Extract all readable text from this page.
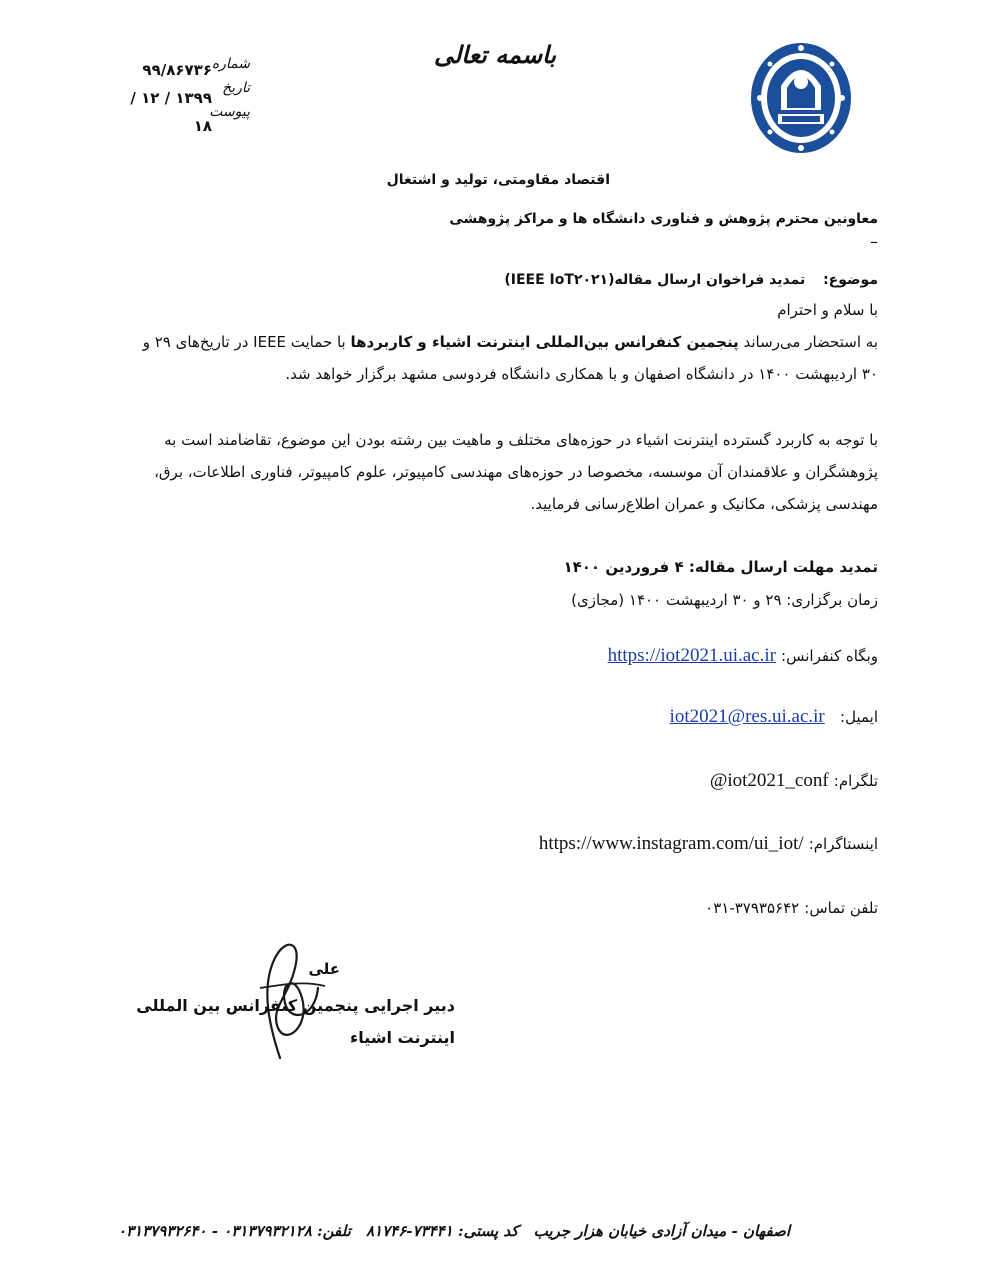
باسمه تعالی
شماره
تاریخ
پیوست
۹۹/۸۶۷۳۶
۱۳۹۹ / ۱۲ / ۱۸
اقتصاد مقاومتی، تولید و اشتغال
معاونین محترم پژوهش و فناوری دانشگاه ها و مراکز پژوهشی
–
موضوع:    تمدید فراخوان ارسال مقاله(IEEE IoT۲۰۲۱)
با سلام و احترام
به استحضار می‌رساند پنجمین کنفرانس بین‌المللی اینترنت اشیاء و کاربردها با حمایت IEEE در تاریخ‌های ۲۹ و ۳۰ اردیبهشت ۱۴۰۰ در دانشگاه اصفهان و با همکاری دانشگاه فردوسی مشهد برگزار خواهد شد.
با توجه به کاربرد گسترده اینترنت اشیاء در حوزه‌های مختلف و ماهیت بین رشته بودن این موضوع، تقاضامند است به پژوهشگران و علاقمندان آن موسسه، مخصوصا در حوزه‌های مهندسی کامپیوتر، علوم کامپیوتر، فناوری اطلاعات، برق، مهندسی پزشکی، مکانیک و عمران اطلاع‌رسانی فرمایید.
تمدید مهلت ارسال مقاله: ۴ فروردین ۱۴۰۰
زمان برگزاری: ۲۹ و ۳۰ اردیبهشت ۱۴۰۰ (مجازی)
وبگاه کنفرانس: https://iot2021.ui.ac.ir
ایمیل:   iot2021@res.ui.ac.ir
تلگرام: @iot2021_conf
اینستاگرام: https://www.instagram.com/ui_iot/
تلفن تماس: ۰۳۱-۳۷۹۳۵۶۴۲
علی
دبیر اجرایی پنجمین کنفرانس بین المللی اینترنت اشیاء
اصفهان - میدان آزادی خیابان هزار جریب کد پستی: ۷۳۴۴۱-۸۱۷۴۶ تلفن: ۰۳۱۳۷۹۳۲۱۲۸ - ۰۳۱۳۷۹۳۲۶۴۰
